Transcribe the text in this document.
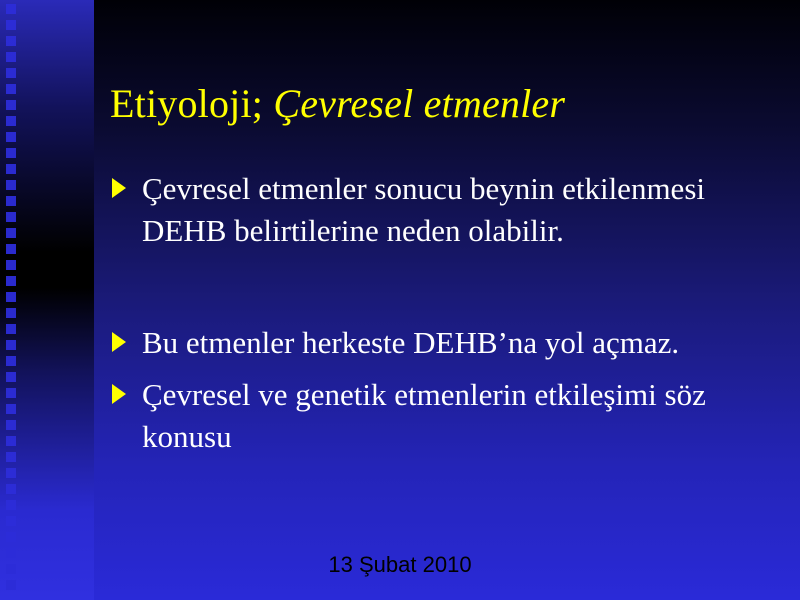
Etiyoloji; Çevresel etmenler
Çevresel etmenler sonucu beynin etkilenmesi DEHB belirtilerine neden olabilir.
Bu etmenler herkeste DEHB’na yol açmaz.
Çevresel ve genetik etmenlerin etkileşimi söz konusu
13 Şubat 2010
